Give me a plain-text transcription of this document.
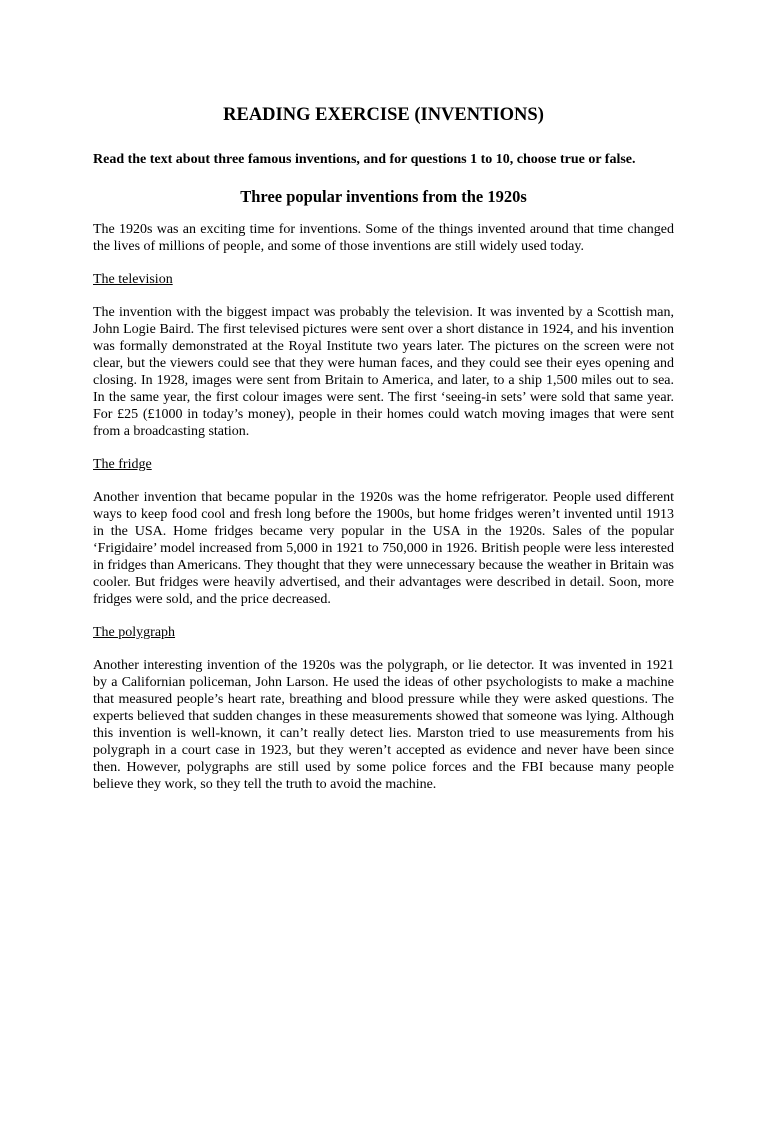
READING EXERCISE (INVENTIONS)

Read the text about three famous inventions, and for questions 1 to 10, choose true or false.

Three popular inventions from the 1920s

The 1920s was an exciting time for inventions. Some of the things invented around that time changed the lives of millions of people, and some of those inventions are still widely used today.

The television

The invention with the biggest impact was probably the television. It was invented by a Scottish man, John Logie Baird. The first televised pictures were sent over a short distance in 1924, and his invention was formally demonstrated at the Royal Institute two years later. The pictures on the screen were not clear, but the viewers could see that they were human faces, and they could see their eyes opening and closing. In 1928, images were sent from Britain to America, and later, to a ship 1,500 miles out to sea. In the same year, the first colour images were sent. The first ‘seeing-in sets’ were sold that same year. For £25 (£1000 in today’s money), people in their homes could watch moving images that were sent from a broadcasting station.

The fridge

Another invention that became popular in the 1920s was the home refrigerator. People used different ways to keep food cool and fresh long before the 1900s, but home fridges weren’t invented until 1913 in the USA. Home fridges became very popular in the USA in the 1920s. Sales of the popular ‘Frigidaire’ model increased from 5,000 in 1921 to 750,000 in 1926. British people were less interested in fridges than Americans. They thought that they were unnecessary because the weather in Britain was cooler. But fridges were heavily advertised, and their advantages were described in detail. Soon, more fridges were sold, and the price decreased.

The polygraph

Another interesting invention of the 1920s was the polygraph, or lie detector. It was invented in 1921 by a Californian policeman, John Larson. He used the ideas of other psychologists to make a machine that measured people’s heart rate, breathing and blood pressure while they were asked questions. The experts believed that sudden changes in these measurements showed that someone was lying. Although this invention is well-known, it can’t really detect lies. Marston tried to use measurements from his polygraph in a court case in 1923, but they weren’t accepted as evidence and never have been since then. However, polygraphs are still used by some police forces and the FBI because many people believe they work, so they tell the truth to avoid the machine.
